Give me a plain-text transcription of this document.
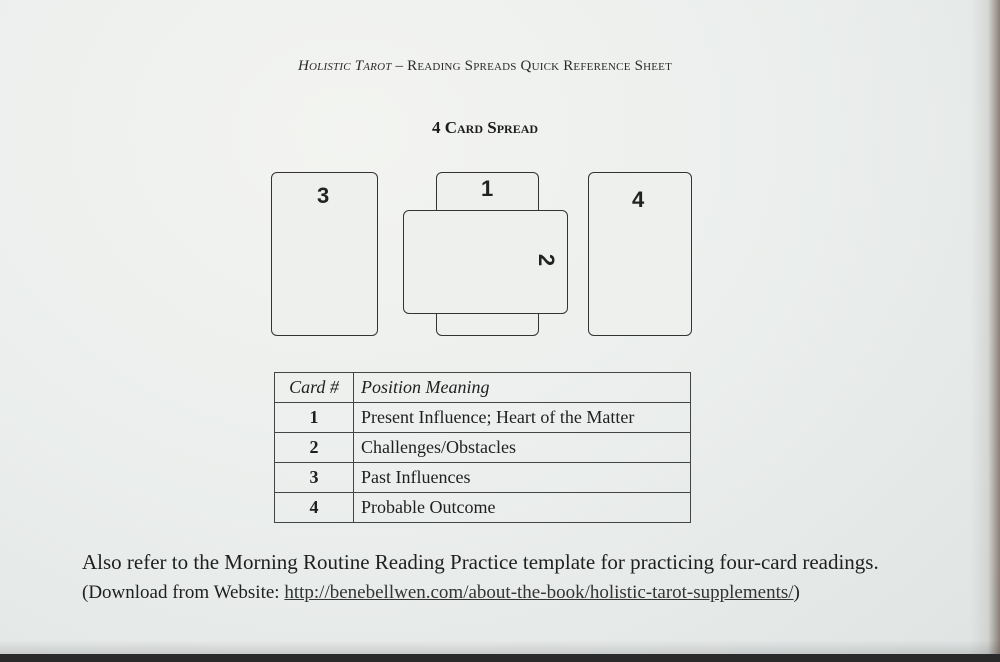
Holistic Tarot – Reading Spreads Quick Reference Sheet
4 Card Spread
3	1
2
4
Card #	Position Meaning
1	Present Influence; Heart of the Matter
2	Challenges/Obstacles
3	Past Influences
4	Probable Outcome
Also refer to the Morning Routine Reading Practice template for practicing four-card readings. (Download from Website: http://benebellwen.com/about-the-book/holistic-tarot-supplements/)
